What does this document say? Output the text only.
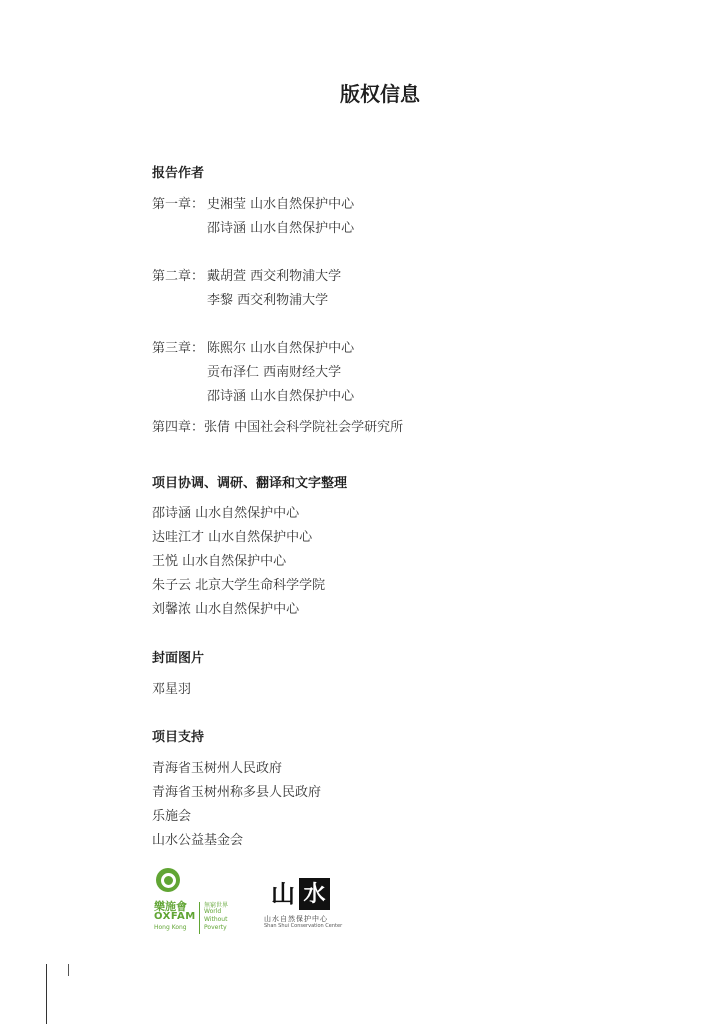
版权信息
报告作者
第一章： 史湘莹 山水自然保护中心
邵诗涵 山水自然保护中心
第二章： 戴胡萱 西交利物浦大学
李黎 西交利物浦大学
第三章： 陈熙尔 山水自然保护中心
贡布泽仁 西南财经大学
邵诗涵 山水自然保护中心
第四章：张倩 中国社会科学院社会学研究所
项目协调、调研、翻译和文字整理
邵诗涵 山水自然保护中心
达哇江才 山水自然保护中心
王悦 山水自然保护中心
朱子云 北京大学生命科学学院
刘馨浓 山水自然保护中心
封面图片
邓星羽
项目支持
青海省玉树州人民政府
青海省玉树州称多县人民政府
乐施会
山水公益基金会
樂施會
OXFAM
Hong Kong
無窮世界
World Without Poverty
山 水
山水自然保护中心
Shan Shui Conservation Center
